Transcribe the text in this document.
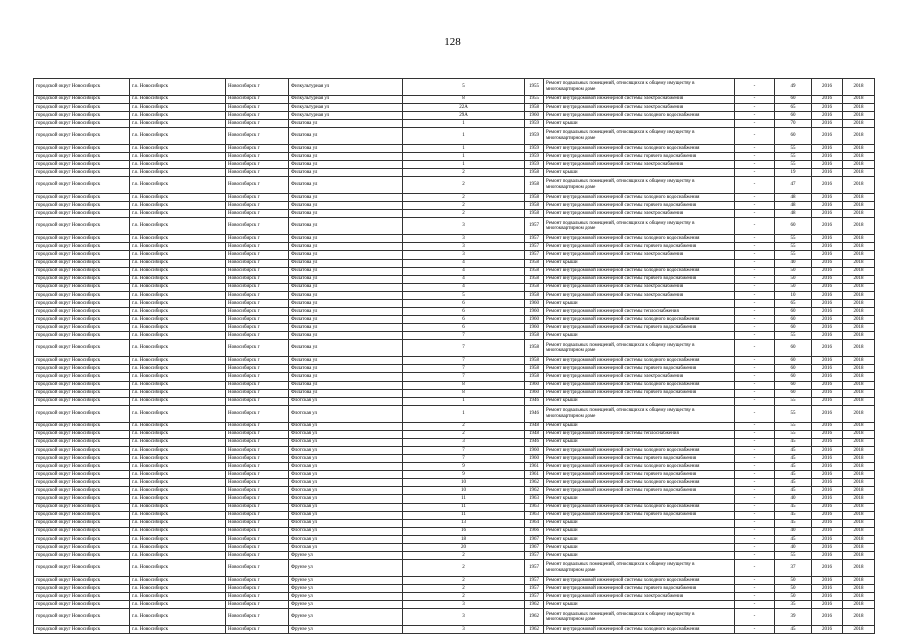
128
городской округ Новосибирск	г.о. Новосибирск	Новосибирск г	Физкультурная ул	5	1955	Ремонт подвальных помещений, относящихся к общему имуществу в многоквартирном доме	-	49	2016	2018
городской округ Новосибирск	г.о. Новосибирск	Новосибирск г	Физкультурная ул	8	1955	Ремонт внутридомовой инженерной системы электроснабжения	-	60	2016	2018
городской округ Новосибирск	г.о. Новосибирск	Новосибирск г	Физкультурная ул	22А	1958	Ремонт внутридомовой инженерной системы электроснабжения	-	65	2016	2018
городской округ Новосибирск	г.о. Новосибирск	Новосибирск г	Физкультурная ул	29А	1960	Ремонт внутридомовой инженерной системы холодного водоснабжения	-	60	2016	2018
городской округ Новосибирск	г.о. Новосибирск	Новосибирск г	Филатова ул	1	1959	Ремонт крыши	-	70	2016	2018
городской округ Новосибирск	г.о. Новосибирск	Новосибирск г	Филатова ул	1	1959	Ремонт подвальных помещений, относящихся к общему имуществу в многоквартирном доме	-	60	2016	2018
городской округ Новосибирск	г.о. Новосибирск	Новосибирск г	Филатова ул	1	1959	Ремонт внутридомовой инженерной системы холодного водоснабжения	-	55	2016	2018
городской округ Новосибирск	г.о. Новосибирск	Новосибирск г	Филатова ул	1	1959	Ремонт внутридомовой инженерной системы горячего водоснабжения	-	55	2016	2018
городской округ Новосибирск	г.о. Новосибирск	Новосибирск г	Филатова ул	1	1959	Ремонт внутридомовой инженерной системы электроснабжения	-	55	2016	2018
городской округ Новосибирск	г.о. Новосибирск	Новосибирск г	Филатова ул	2	1958	Ремонт крыши	-	19	2016	2018
городской округ Новосибирск	г.о. Новосибирск	Новосибирск г	Филатова ул	2	1958	Ремонт подвальных помещений, относящихся к общему имуществу в многоквартирном доме	-	47	2016	2018
городской округ Новосибирск	г.о. Новосибирск	Новосибирск г	Филатова ул	2	1958	Ремонт внутридомовой инженерной системы холодного водоснабжения	-	48	2016	2018
городской округ Новосибирск	г.о. Новосибирск	Новосибирск г	Филатова ул	2	1958	Ремонт внутридомовой инженерной системы горячего водоснабжения	-	48	2016	2018
городской округ Новосибирск	г.о. Новосибирск	Новосибирск г	Филатова ул	2	1958	Ремонт внутридомовой инженерной системы электроснабжения	-	48	2016	2018
городской округ Новосибирск	г.о. Новосибирск	Новосибирск г	Филатова ул	3	1957	Ремонт подвальных помещений, относящихся к общему имуществу в многоквартирном доме	-	60	2016	2018
городской округ Новосибирск	г.о. Новосибирск	Новосибирск г	Филатова ул	3	1957	Ремонт внутридомовой инженерной системы холодного водоснабжения	-	55	2016	2018
городской округ Новосибирск	г.о. Новосибирск	Новосибирск г	Филатова ул	3	1957	Ремонт внутридомовой инженерной системы горячего водоснабжения	-	55	2016	2018
городской округ Новосибирск	г.о. Новосибирск	Новосибирск г	Филатова ул	3	1957	Ремонт внутридомовой инженерной системы электроснабжения	-	55	2016	2018
городской округ Новосибирск	г.о. Новосибирск	Новосибирск г	Филатова ул	4	1958	Ремонт крыши	-	40	2016	2018
городской округ Новосибирск	г.о. Новосибирск	Новосибирск г	Филатова ул	4	1958	Ремонт внутридомовой инженерной системы холодного водоснабжения	-	50	2016	2018
городской округ Новосибирск	г.о. Новосибирск	Новосибирск г	Филатова ул	4	1958	Ремонт внутридомовой инженерной системы горячего водоснабжения	-	50	2016	2018
городской округ Новосибирск	г.о. Новосибирск	Новосибирск г	Филатова ул	4	1958	Ремонт внутридомовой инженерной системы электроснабжения	-	50	2016	2018
городской округ Новосибирск	г.о. Новосибирск	Новосибирск г	Филатова ул	5	1958	Ремонт внутридомовой инженерной системы электроснабжения	-	10	2016	2018
городской округ Новосибирск	г.о. Новосибирск	Новосибирск г	Филатова ул	6	1960	Ремонт крыши	-	65	2016	2018
городской округ Новосибирск	г.о. Новосибирск	Новосибирск г	Филатова ул	6	1960	Ремонт внутридомовой инженерной системы теплоснабжения	-	60	2016	2018
городской округ Новосибирск	г.о. Новосибирск	Новосибирск г	Филатова ул	6	1960	Ремонт внутридомовой инженерной системы холодного водоснабжения	-	60	2016	2018
городской округ Новосибирск	г.о. Новосибирск	Новосибирск г	Филатова ул	6	1960	Ремонт внутридомовой инженерной системы горячего водоснабжения	-	60	2016	2018
городской округ Новосибирск	г.о. Новосибирск	Новосибирск г	Филатова ул	7	1958	Ремонт крыши	-	55	2016	2018
городской округ Новосибирск	г.о. Новосибирск	Новосибирск г	Филатова ул	7	1958	Ремонт подвальных помещений, относящихся к общему имуществу в многоквартирном доме	-	60	2016	2018
городской округ Новосибирск	г.о. Новосибирск	Новосибирск г	Филатова ул	7	1958	Ремонт внутридомовой инженерной системы холодного водоснабжения	-	60	2016	2018
городской округ Новосибирск	г.о. Новосибирск	Новосибирск г	Филатова ул	7	1958	Ремонт внутридомовой инженерной системы горячего водоснабжения	-	60	2016	2018
городской округ Новосибирск	г.о. Новосибирск	Новосибирск г	Филатова ул	7	1958	Ремонт внутридомовой инженерной системы электроснабжения	-	60	2016	2018
городской округ Новосибирск	г.о. Новосибирск	Новосибирск г	Филатова ул	8	1960	Ремонт внутридомовой инженерной системы холодного водоснабжения	-	60	2016	2018
городской округ Новосибирск	г.о. Новосибирск	Новосибирск г	Филатова ул	8	1960	Ремонт внутридомовой инженерной системы горячего водоснабжения	-	60	2016	2018
городской округ Новосибирск	г.о. Новосибирск	Новосибирск г	Флотская ул	1	1946	Ремонт крыши	-	55	2016	2018
городской округ Новосибирск	г.о. Новосибирск	Новосибирск г	Флотская ул	1	1946	Ремонт подвальных помещений, относящихся к общему имуществу в многоквартирном доме	-	55	2016	2018
городской округ Новосибирск	г.о. Новосибирск	Новосибирск г	Флотская ул	2	1948	Ремонт крыши	-	55	2016	2018
городской округ Новосибирск	г.о. Новосибирск	Новосибирск г	Флотская ул	2	1948	Ремонт внутридомовой инженерной системы теплоснабжения	-	55	2016	2018
городской округ Новосибирск	г.о. Новосибирск	Новосибирск г	Флотская ул	3	1946	Ремонт крыши	-	45	2016	2018
городской округ Новосибирск	г.о. Новосибирск	Новосибирск г	Флотская ул	7	1960	Ремонт внутридомовой инженерной системы холодного водоснабжения	-	45	2016	2018
городской округ Новосибирск	г.о. Новосибирск	Новосибирск г	Флотская ул	7	1960	Ремонт внутридомовой инженерной системы горячего водоснабжения	-	45	2016	2018
городской округ Новосибирск	г.о. Новосибирск	Новосибирск г	Флотская ул	9	1961	Ремонт внутридомовой инженерной системы холодного водоснабжения	-	45	2016	2018
городской округ Новосибирск	г.о. Новосибирск	Новосибирск г	Флотская ул	9	1961	Ремонт внутридомовой инженерной системы горячего водоснабжения	-	45	2016	2018
городской округ Новосибирск	г.о. Новосибирск	Новосибирск г	Флотская ул	10	1962	Ремонт внутридомовой инженерной системы холодного водоснабжения	-	45	2016	2018
городской округ Новосибирск	г.о. Новосибирск	Новосибирск г	Флотская ул	10	1962	Ремонт внутридомовой инженерной системы горячего водоснабжения	-	45	2016	2018
городской округ Новосибирск	г.о. Новосибирск	Новосибирск г	Флотская ул	11	1963	Ремонт крыши	-	40	2016	2018
городской округ Новосибирск	г.о. Новосибирск	Новосибирск г	Флотская ул	11	1963	Ремонт внутридомовой инженерной системы холодного водоснабжения	-	45	2016	2018
городской округ Новосибирск	г.о. Новосибирск	Новосибирск г	Флотская ул	11	1963	Ремонт внутридомовой инженерной системы горячего водоснабжения	-	45	2016	2018
городской округ Новосибирск	г.о. Новосибирск	Новосибирск г	Флотская ул	13	1964	Ремонт крыши	-	45	2016	2018
городской округ Новосибирск	г.о. Новосибирск	Новосибирск г	Флотская ул	16	1966	Ремонт крыши	-	40	2016	2018
городской округ Новосибирск	г.о. Новосибирск	Новосибирск г	Флотская ул	18	1967	Ремонт крыши	-	45	2016	2018
городской округ Новосибирск	г.о. Новосибирск	Новосибирск г	Флотская ул	20	1967	Ремонт крыши	-	40	2016	2018
городской округ Новосибирск	г.о. Новосибирск	Новосибирск г	Фрунзе ул	2	1957	Ремонт крыши	-	55	2016	2018
городской округ Новосибирск	г.о. Новосибирск	Новосибирск г	Фрунзе ул	2	1957	Ремонт подвальных помещений, относящихся к общему имуществу в многоквартирном доме	-	37	2016	2018
городской округ Новосибирск	г.о. Новосибирск	Новосибирск г	Фрунзе ул	2	1957	Ремонт внутридомовой инженерной системы холодного водоснабжения	-	50	2016	2018
городской округ Новосибирск	г.о. Новосибирск	Новосибирск г	Фрунзе ул	2	1957	Ремонт внутридомовой инженерной системы горячего водоснабжения	-	50	2016	2018
городской округ Новосибирск	г.о. Новосибирск	Новосибирск г	Фрунзе ул	2	1957	Ремонт внутридомовой инженерной системы электроснабжения	-	50	2016	2018
городской округ Новосибирск	г.о. Новосибирск	Новосибирск г	Фрунзе ул	3	1962	Ремонт крыши	-	35	2016	2018
городской округ Новосибирск	г.о. Новосибирск	Новосибирск г	Фрунзе ул	3	1962	Ремонт подвальных помещений, относящихся к общему имуществу в многоквартирном доме	-	39	2016	2018
городской округ Новосибирск	г.о. Новосибирск	Новосибирск г	Фрунзе ул	3	1962	Ремонт внутридомовой инженерной системы холодного водоснабжения	-	45	2016	2018
